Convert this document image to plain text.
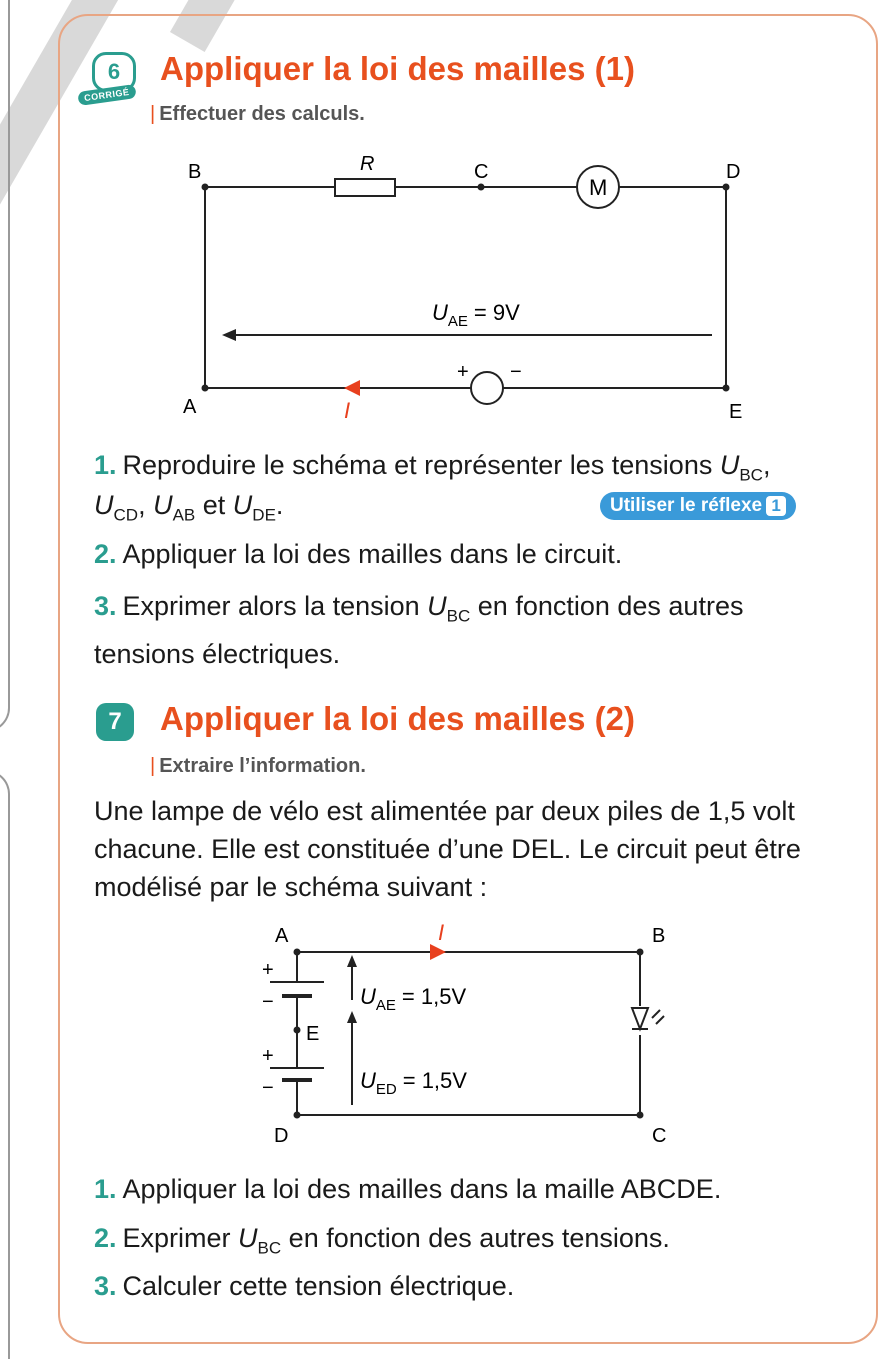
6
CORRIGÉ
Appliquer la loi des mailles (1)
| Effectuer des calculs.
B	R	C
M
D
A	E
I
+ −
$U_{AE} = 9V$
1. Reproduire le schéma et représenter les tensions $U_{BC}$,
$U_{CD}$, $U_{AB}$ et $U_{DE}$.	Utiliser le réflexe 1
2. Appliquer la loi des mailles dans le circuit.
3. Exprimer alors la tension $U_{BC}$ en fonction des autres
tensions électriques.
7	Appliquer la loi des mailles (2)
| Extraire l’information.
Une lampe de vélo est alimentée par deux piles de 1,5 volt chacune. Elle est constituée d’une DEL. Le circuit peut être modélisé par le schéma suivant :
A	B
E
D	C
I
+
−
+
−
$U_{AE} = 1,5V$
$U_{ED} = 1,5V$
1. Appliquer la loi des mailles dans la maille ABCDE.
2. Exprimer $U_{BC}$ en fonction des autres tensions.
3. Calculer cette tension électrique.
